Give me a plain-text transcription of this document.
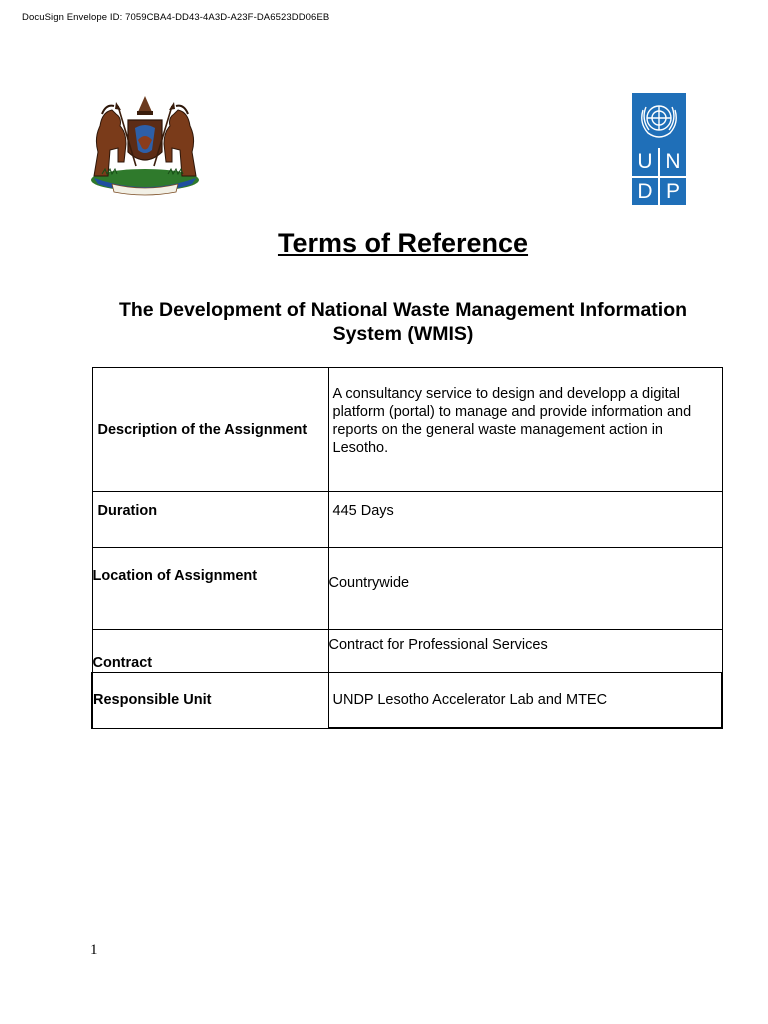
DocuSign Envelope ID: 7059CBA4-DD43-4A3D-A23F-DA6523DD06EB
U N
D P
Terms of Reference
The Development of National Waste Management Information System (WMIS)
Description of the Assignment	A consultancy service to design and developp a digital platform (portal) to manage and provide information and reports on the general waste management action in Lesotho.
Duration	445 Days
Location of Assignment	Countrywide
Contract	Contract for Professional Services
Responsible Unit	UNDP Lesotho Accelerator Lab and MTEC
1
